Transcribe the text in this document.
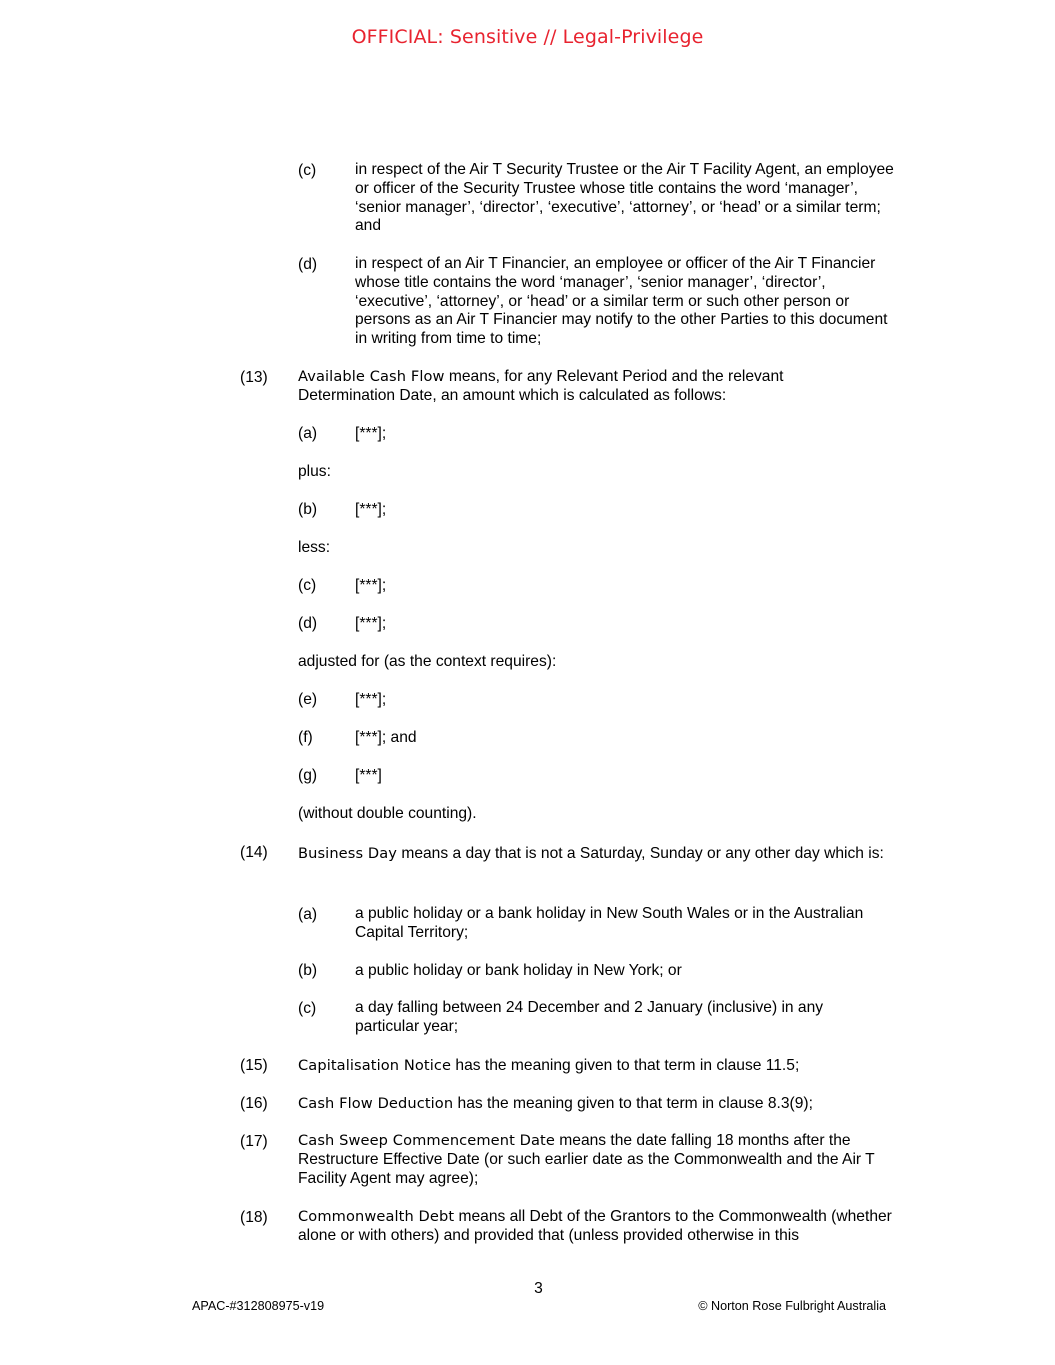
OFFICIAL: Sensitive // Legal-Privilege
(c) in respect of the Air T Security Trustee or the Air T Facility Agent, an employee or officer of the Security Trustee whose title contains the word ‘manager’, ‘senior manager’, ‘director’, ‘executive’, ‘attorney’, or ‘head’ or a similar term; and
(d) in respect of an Air T Financier, an employee or officer of the Air T Financier whose title contains the word ‘manager’, ‘senior manager’, ‘director’, ‘executive’, ‘attorney’, or ‘head’ or a similar term or such other person or persons as an Air T Financier may notify to the other Parties to this document in writing from time to time;
(13) Available Cash Flow means, for any Relevant Period and the relevant Determination Date, an amount which is calculated as follows:
(a) [***];
plus:
(b) [***];
less:
(c) [***];
(d) [***];
adjusted for (as the context requires):
(e) [***];
(f)	[***]; and
(g) [***]
(without double counting).
(14) Business Day means a day that is not a Saturday, Sunday or any other day which is:
(a) a public holiday or a bank holiday in New South Wales or in the Australian Capital Territory;
(b) a public holiday or bank holiday in New York; or
(c) a day falling between 24 December and 2 January (inclusive) in any particular year;
(15) Capitalisation Notice has the meaning given to that term in clause 11.5;
(16) Cash Flow Deduction has the meaning given to that term in clause 8.3(9);
(17) Cash Sweep Commencement Date means the date falling 18 months after the Restructure Effective Date (or such earlier date as the Commonwealth and the Air T Facility Agent may agree);
(18) Commonwealth Debt means all Debt of the Grantors to the Commonwealth (whether alone or with others) and provided that (unless provided otherwise in this
3
APAC-#312808975-v19	© Norton Rose Fulbright Australia
